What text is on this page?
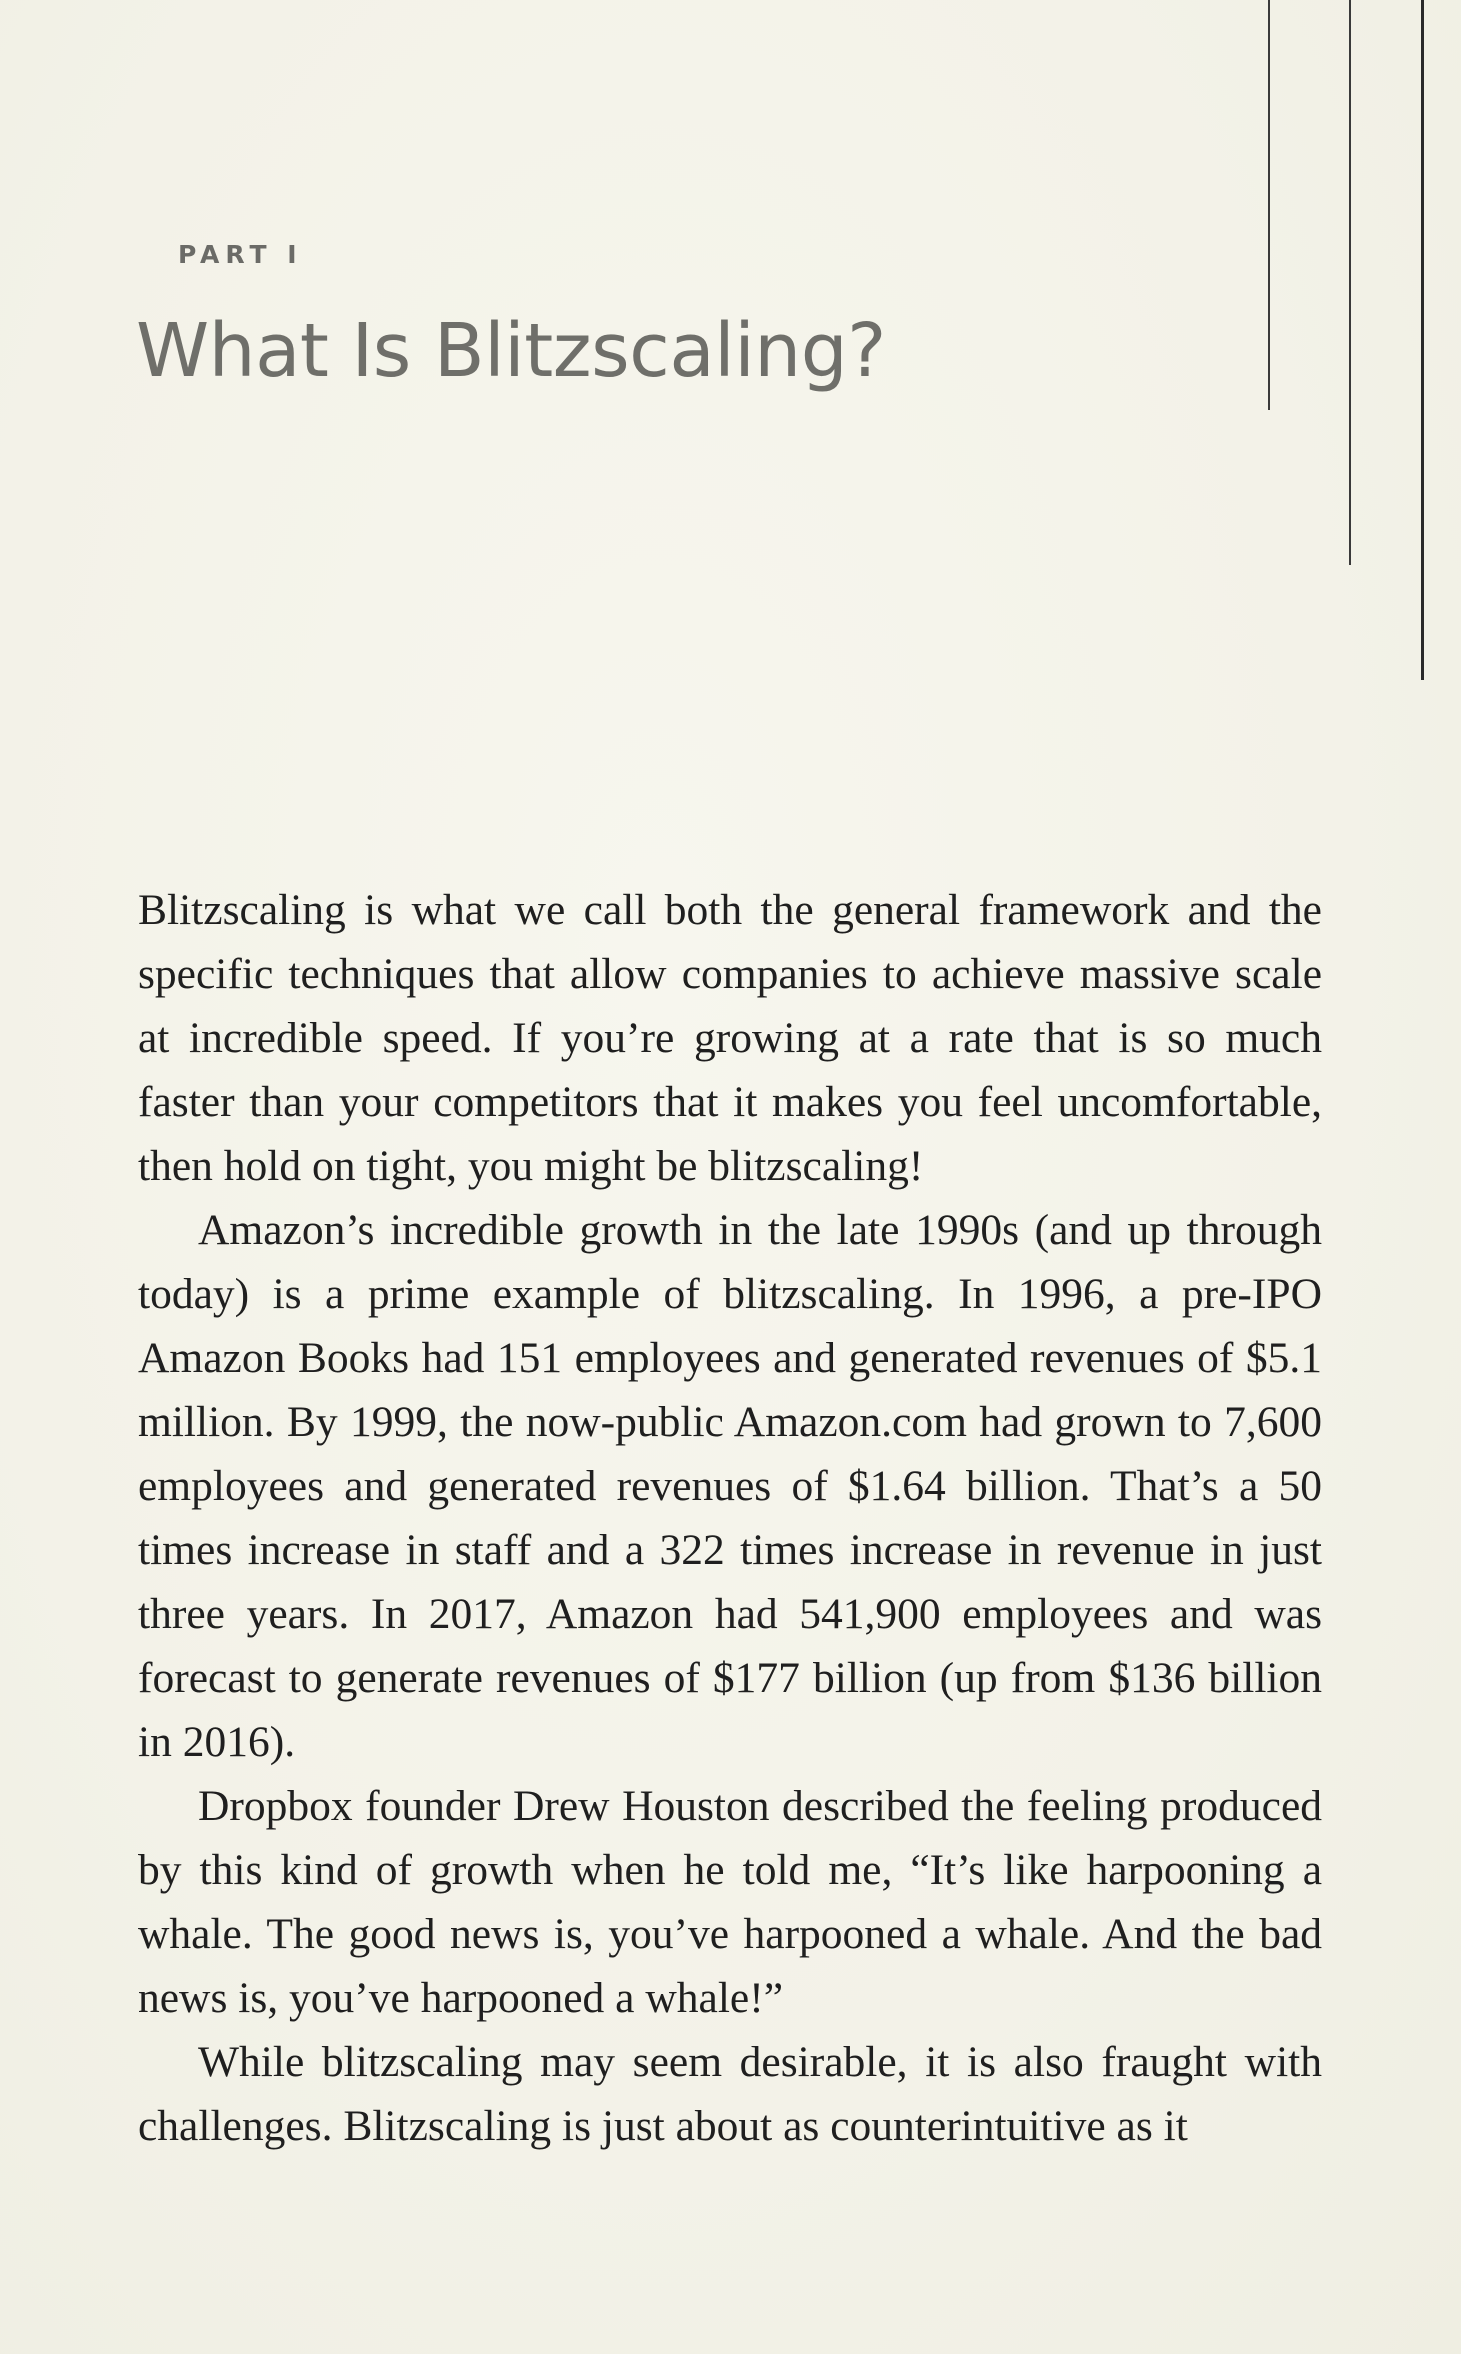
PART I

What Is Blitzscaling?

Blitzscaling is what we call both the general framework and the specific techniques that allow companies to achieve massive scale at incredible speed. If you’re growing at a rate that is so much faster than your competitors that it makes you feel uncomfortable, then hold on tight, you might be blitzscaling!

Amazon’s incredible growth in the late 1990s (and up through today) is a prime example of blitzscaling. In 1996, a pre-IPO Amazon Books had 151 employees and generated revenues of $5.1 million. By 1999, the now-public Amazon.com had grown to 7,600 employees and generated revenues of $1.64 billion. That’s a 50 times increase in staff and a 322 times increase in revenue in just three years. In 2017, Amazon had 541,900 employees and was forecast to generate revenues of $177 billion (up from $136 billion in 2016).

Dropbox founder Drew Houston described the feeling produced by this kind of growth when he told me, “It’s like harpooning a whale. The good news is, you’ve harpooned a whale. And the bad news is, you’ve harpooned a whale!”

While blitzscaling may seem desirable, it is also fraught with challenges. Blitzscaling is just about as counterintuitive as it
